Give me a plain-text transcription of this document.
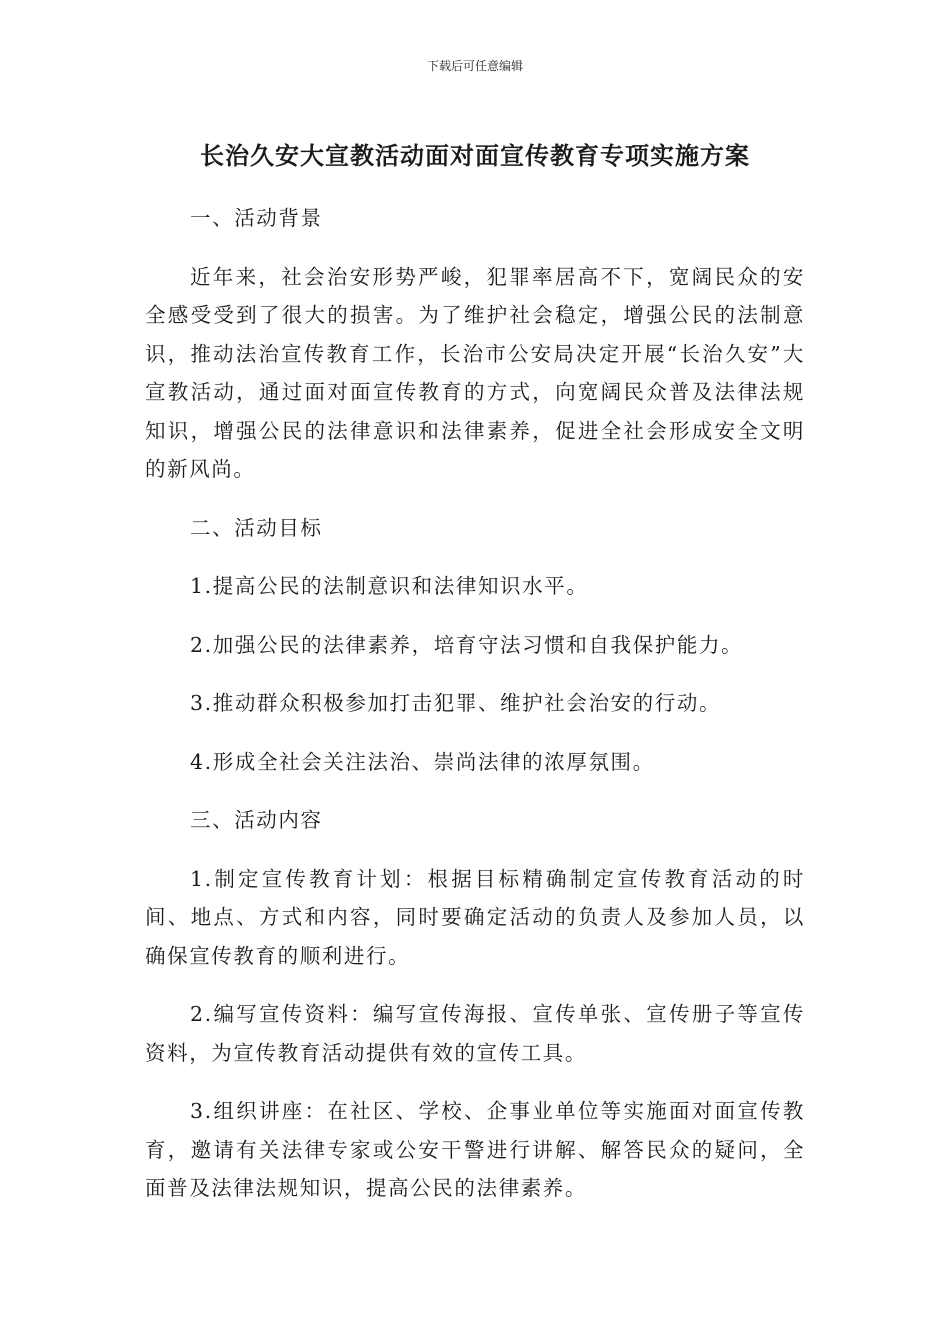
下载后可任意编辑
长治久安大宣教活动面对面宣传教育专项实施方案

一、活动背景

近年来，社会治安形势严峻，犯罪率居高不下，宽阔民众的安全感受受到了很大的损害。为了维护社会稳定，增强公民的法制意识，推动法治宣传教育工作，长治市公安局决定开展“长治久安”大宣教活动，通过面对面宣传教育的方式，向宽阔民众普及法律法规知识，增强公民的法律意识和法律素养，促进全社会形成安全文明的新风尚。

二、活动目标

1.提高公民的法制意识和法律知识水平。

2.加强公民的法律素养，培育守法习惯和自我保护能力。

3.推动群众积极参加打击犯罪、维护社会治安的行动。

4.形成全社会关注法治、崇尚法律的浓厚氛围。

三、活动内容

1.制定宣传教育计划：根据目标精确制定宣传教育活动的时间、地点、方式和内容，同时要确定活动的负责人及参加人员，以确保宣传教育的顺利进行。

2.编写宣传资料：编写宣传海报、宣传单张、宣传册子等宣传资料，为宣传教育活动提供有效的宣传工具。

3.组织讲座：在社区、学校、企事业单位等实施面对面宣传教育，邀请有关法律专家或公安干警进行讲解、解答民众的疑问，全面普及法律法规知识，提高公民的法律素养。
